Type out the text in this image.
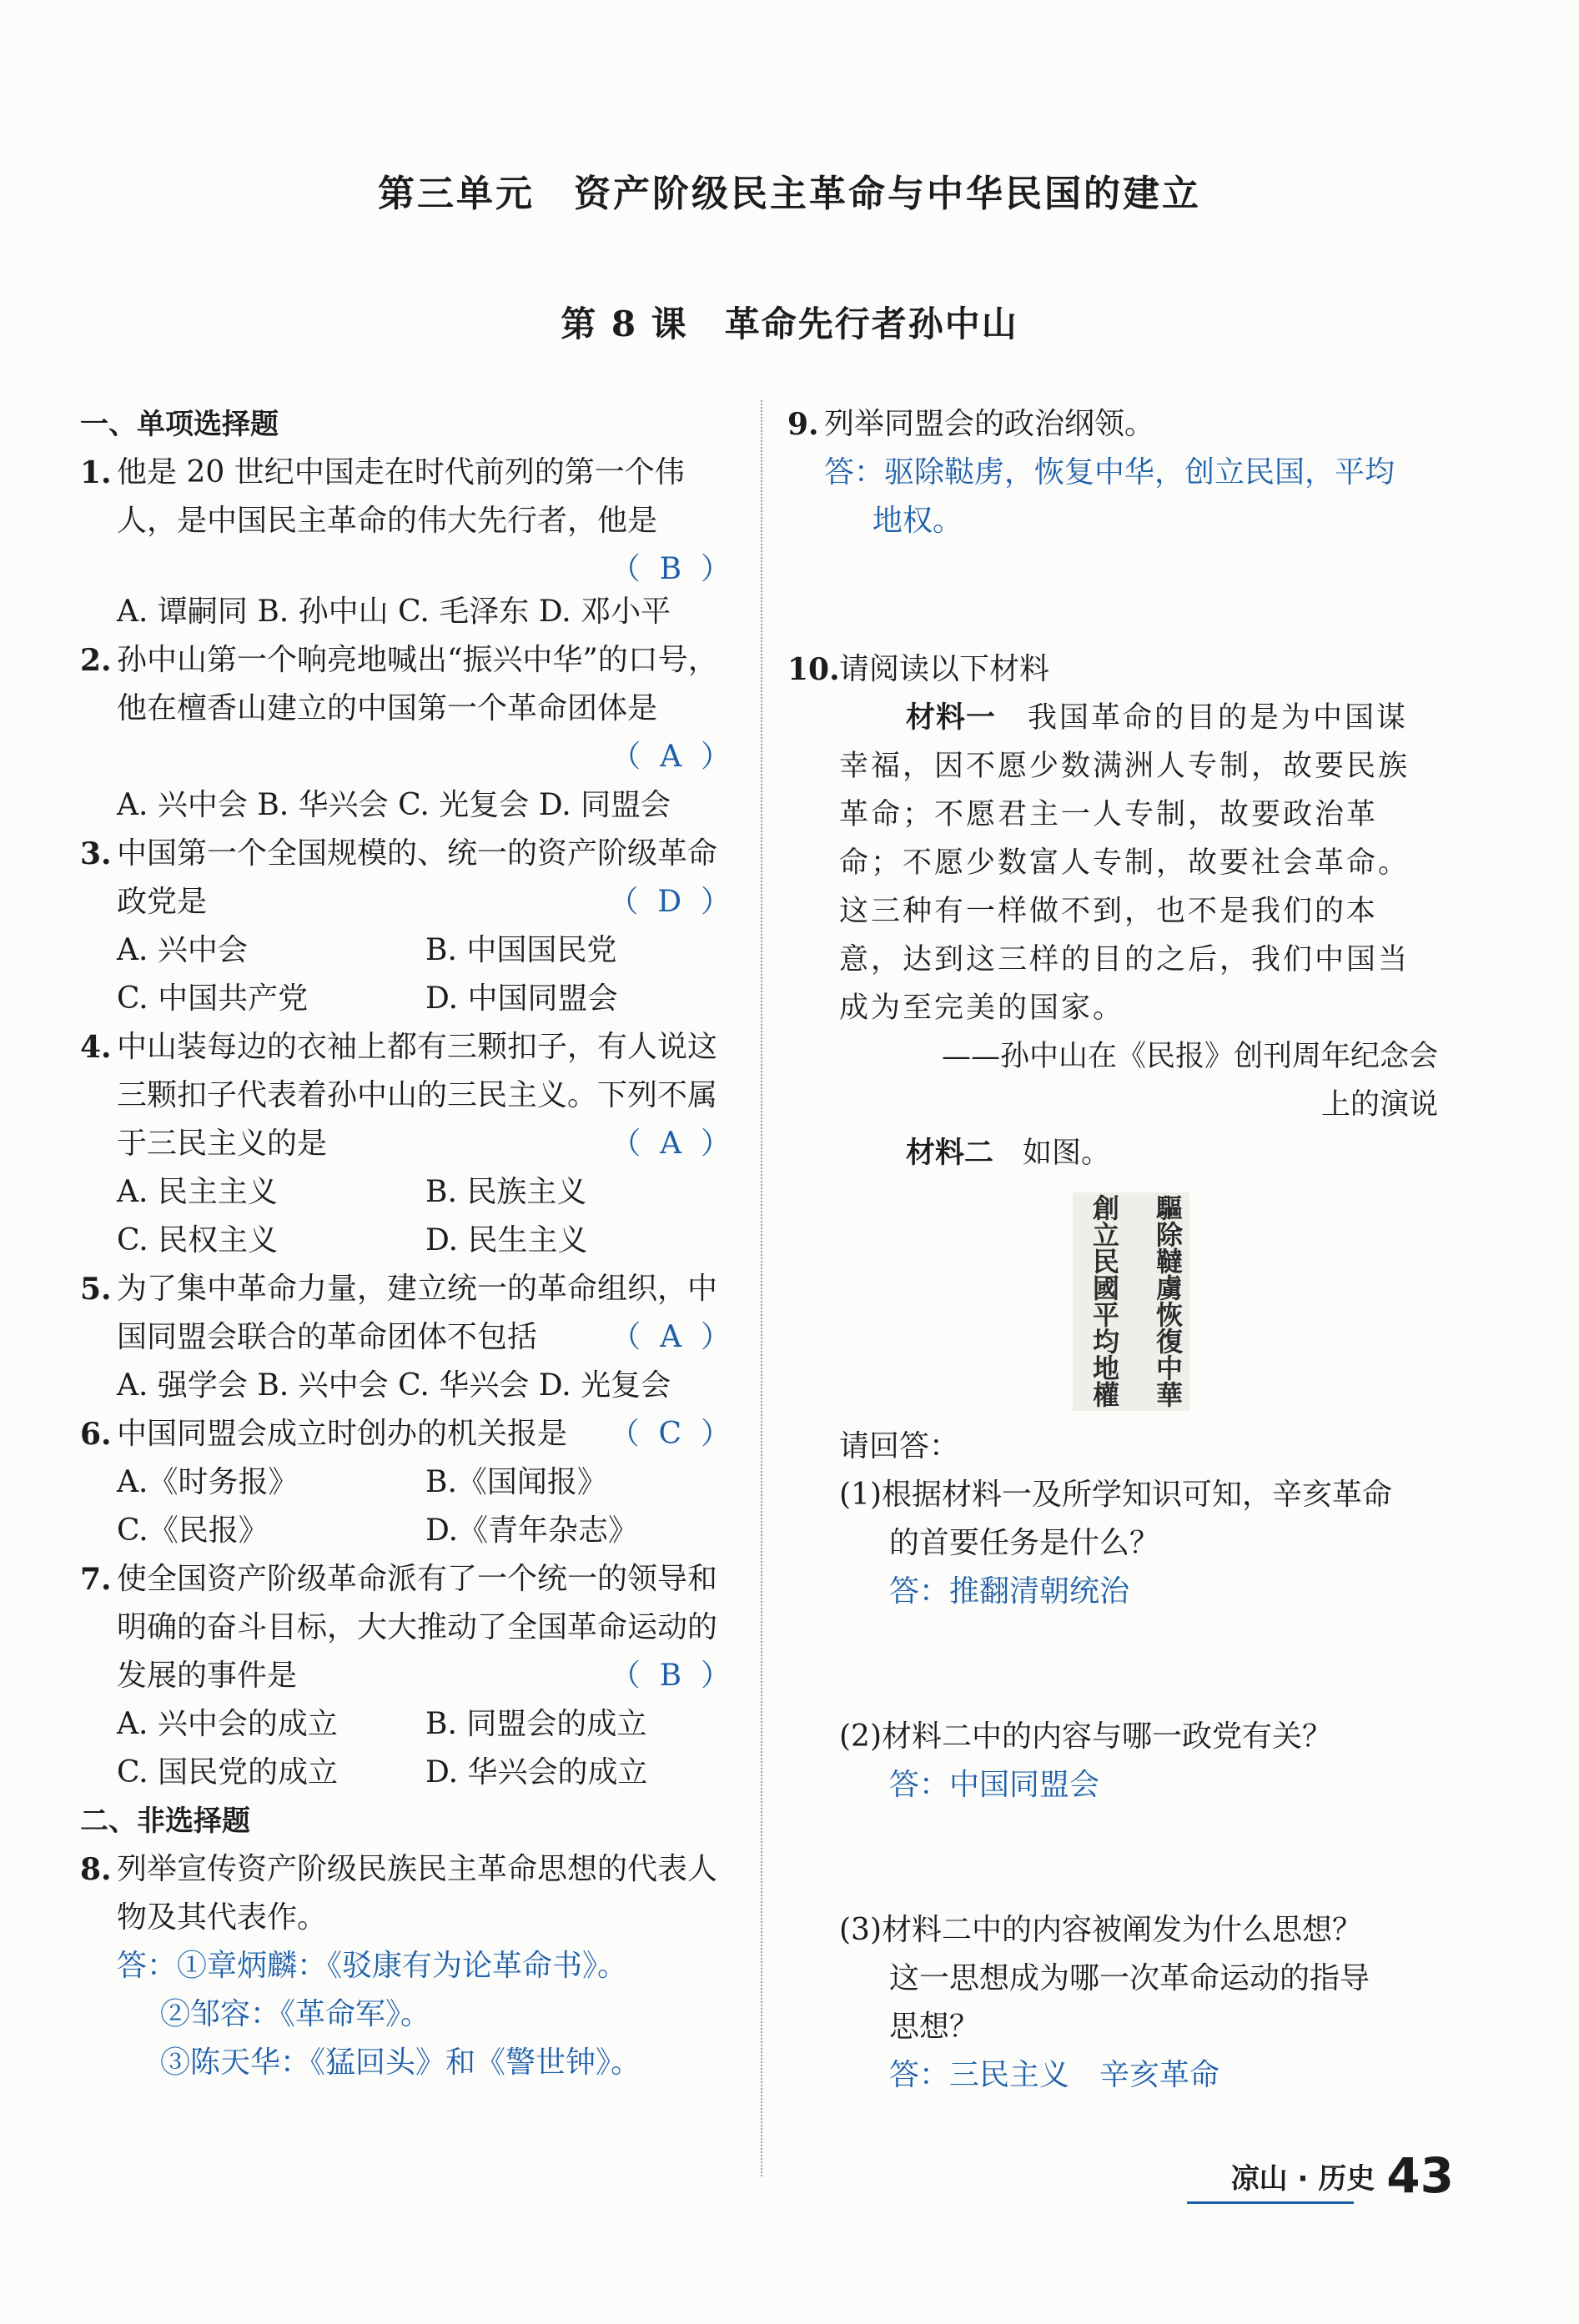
第三单元　资产阶级民主革命与中华民国的建立
第 8 课　革命先行者孙中山
一、单项选择题
1. 他是 20 世纪中国走在时代前列的第一个伟人，是中国民主革命的伟大先行者，他是
（  B  ）
A. 谭嗣同 B. 孙中山 C. 毛泽东 D. 邓小平
2. 孙中山第一个响亮地喊出“振兴中华”的口号，他在檀香山建立的中国第一个革命团体是
（  A  ）
A. 兴中会 B. 华兴会 C. 光复会 D. 同盟会
3. 中国第一个全国规模的、统一的资产阶级革命政党是	（  D  ）
A. 兴中会	B. 中国国民党
C. 中国共产党	D. 中国同盟会
4. 中山装每边的衣袖上都有三颗扣子，有人说这三颗扣子代表着孙中山的三民主义。下列不属于三民主义的是	（  A  ）
A. 民主主义	B. 民族主义
C. 民权主义	D. 民生主义
5. 为了集中革命力量，建立统一的革命组织，中国同盟会联合的革命团体不包括 （  A  ）
A. 强学会 B. 兴中会 C. 华兴会 D. 光复会
6. 中国同盟会成立时创办的机关报是 （  C  ）
A.《时务报》	B.《国闻报》
C.《民报》	D.《青年杂志》
7. 使全国资产阶级革命派有了一个统一的领导和明确的奋斗目标，大大推动了全国革命运动的发展的事件是	（  B  ）
A. 兴中会的成立	B. 同盟会的成立
C. 国民党的成立	D. 华兴会的成立
二、非选择题
8. 列举宣传资产阶级民族民主革命思想的代表人物及其代表作。
答：①章炳麟：《驳康有为论革命书》。
②邹容：《革命军》。
③陈天华：《猛回头》和《警世钟》。
9. 列举同盟会的政治纲领。
答：驱除鞑虏，恢复中华，创立民国，平均
地权。
10. 请阅读以下材料
材料一　 我国革命的目的是为中国谋幸福，因不愿少数满洲人专制，故要民族革命；不愿君主一人专制，故要政治革命；不愿少数富人专制，故要社会革命。这三种有一样做不到，也不是我们的本意，达到这三样的目的之后，我们中国当成为至完美的国家。
——孙中山在《民报》创刊周年纪念会
上的演说
材料二　 如图。
驅除韃虜恢復中華
創立民國平均地權
请回答：
(1)根据材料一及所学知识可知，辛亥革命
的首要任务是什么？
答：推翻清朝统治
(2)材料二中的内容与哪一政党有关？
答：中国同盟会
(3)材料二中的内容被阐发为什么思想？
这一思想成为哪一次革命运动的指导
思想？
答：三民主义　辛亥革命
凉山 · 历史 43
